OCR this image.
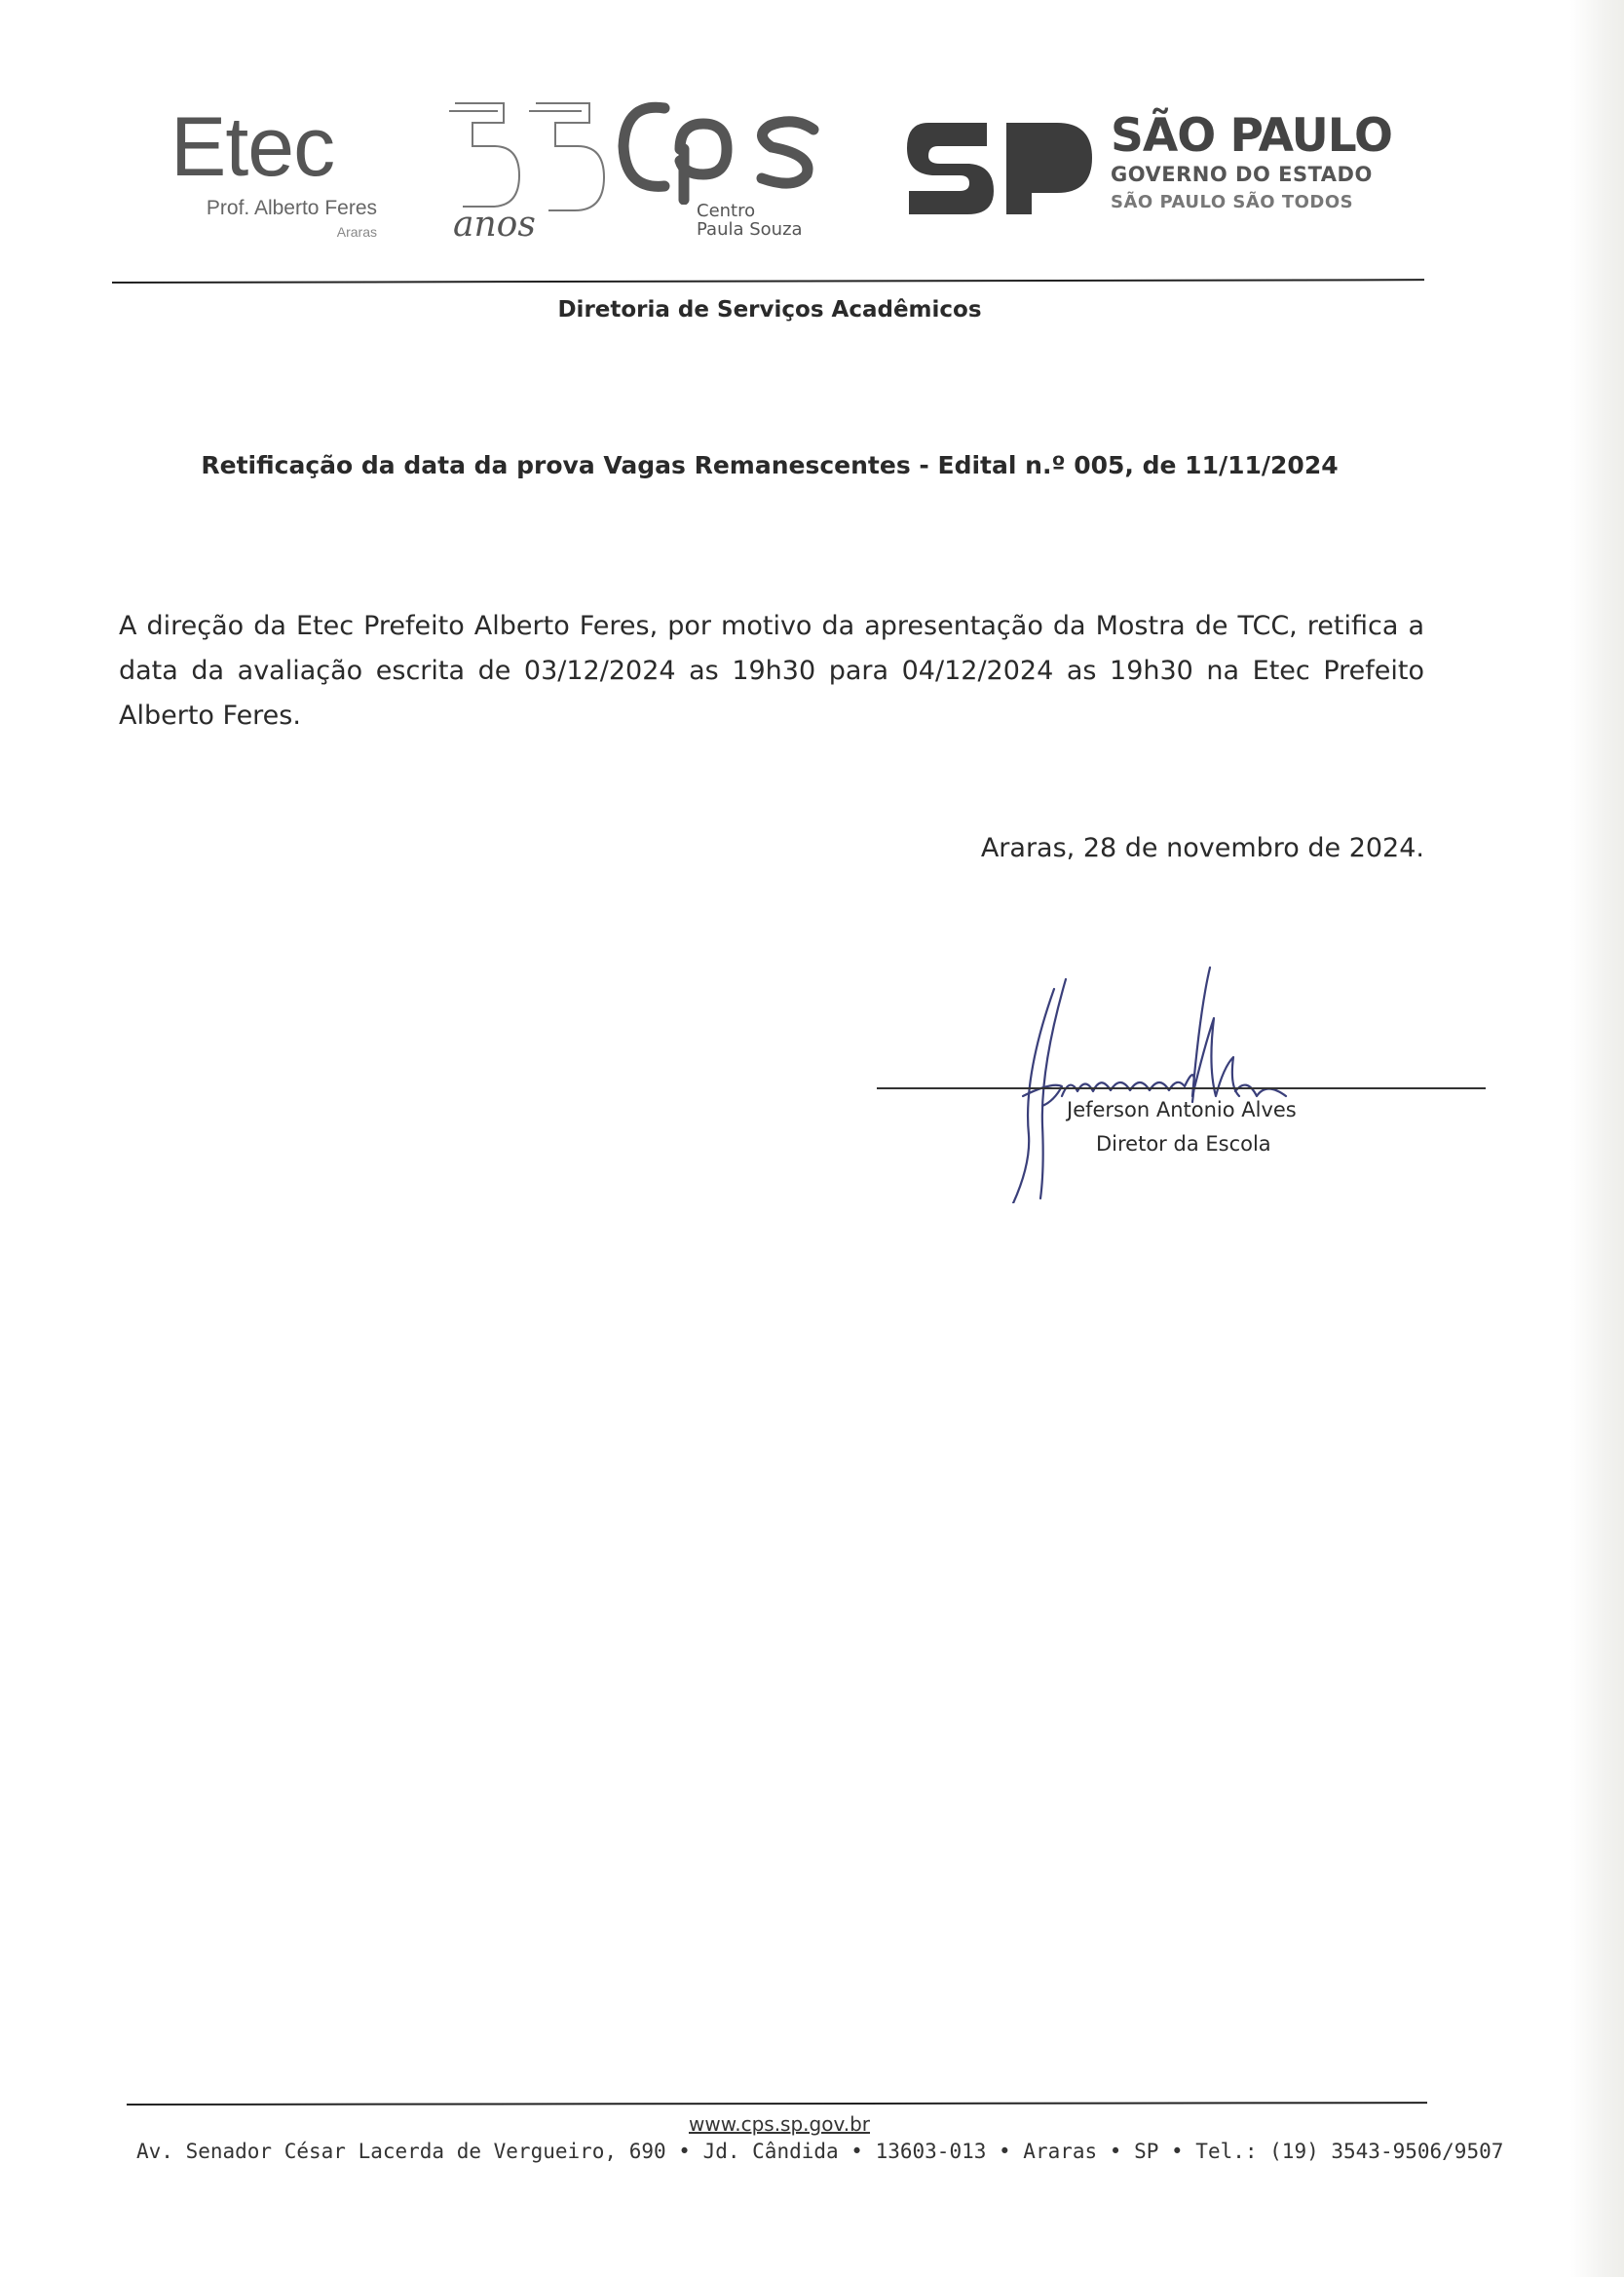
Etec
Prof. Alberto Feres
Araras anos	Centro
Paula Souza
SÃO PAULO
GOVERNO DO ESTADO
SÃO PAULO SÃO TODOS
Diretoria de Serviços Acadêmicos
Retificação da data da prova Vagas Remanescentes - Edital n.º 005, de 11/11/2024
A direção da Etec Prefeito Alberto Feres, por motivo da apresentação da Mostra de TCC, retifica a data da avaliação escrita de 03/12/2024 as 19h30 para 04/12/2024 as 19h30 na Etec Prefeito Alberto Feres.
Araras, 28 de novembro de 2024.
Jeferson Antonio Alves
Diretor da Escola
www.cps.sp.gov.br
Av. Senador César Lacerda de Vergueiro, 690 • Jd. Cândida • 13603-013 • Araras • SP • Tel.: (19) 3543-9506/9507
